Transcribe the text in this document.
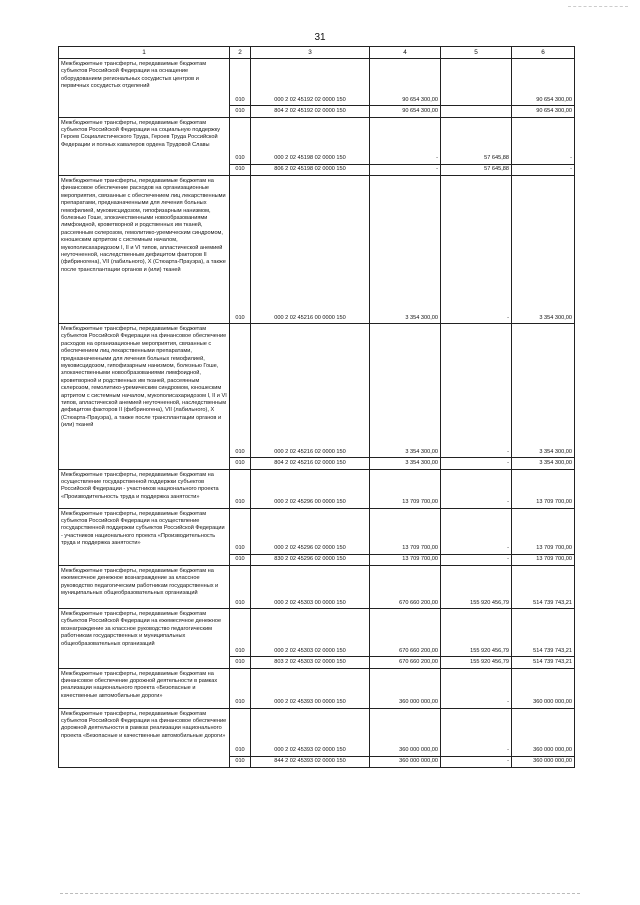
31
1	2	3	4	5	6
Межбюджетные трансферты, передаваемые бюджетам субъектов Российской Федерации на оснащение оборудованием региональных сосудистых центров и первичных сосудистых отделений	010	000 2 02 45192 02 0000 150	90 654 300,00		90 654 300,00
	010	804 2 02 45192 02 0000 150	90 654 300,00		90 654 300,00
Межбюджетные трансферты, передаваемые бюджетам субъектов Российской Федерации на социальную поддержку Героев Социалистического Труда, Героев Труда Российской Федерации и полных кавалеров ордена Трудовой Славы	010	000 2 02 45198 02 0000 150	-	57 645,88	-
	010	806 2 02 45198 02 0000 150	-	57 645,88	-
Межбюджетные трансферты, передаваемые бюджетам на финансовое обеспечение расходов на организационные мероприятия, связанные с обеспечением лиц лекарственными препаратами, предназначенными для лечения больных гемофилией, муковисцидозом, гипофизарным нанизмом, болезнью Гоше, злокачественными новообразованиями лимфоидной, кроветворной и родственных им тканей, рассеянным склерозом, гемолитико-уремическим синдромом, юношеским артритом с системным началом, мукополисахаридозом I, II и VI типов, апластической анемией неуточненной, наследственным дефицитом факторов II (фибриногена), VII (лабильного), X (Стюарта-Прауэра), а также после трансплантации органов и (или) тканей	010	000 2 02 45216 00 0000 150	3 354 300,00	-	3 354 300,00
Межбюджетные трансферты, передаваемые бюджетам субъектов Российской Федерации на финансовое обеспечение расходов на организационные мероприятия, связанные с обеспечением лиц лекарственными препаратами, предназначенными для лечения больных гемофилией, муковисцидозом, гипофизарным нанизмом, болезнью Гоше, злокачественными новообразованиями лимфоидной, кроветворной и родственных им тканей, рассеянным склерозом, гемолитико-уремическим синдромом, юношеским артритом с системным началом, мукополисахаридозом I, II и VI типов, апластической анемией неуточненной, наследственным дефицитом факторов II (фибриногена), VII (лабильного), X (Стюарта-Прауэра), а также после трансплантации органов и (или) тканей	010	000 2 02 45216 02 0000 150	3 354 300,00	-	3 354 300,00
	010	804 2 02 45216 02 0000 150	3 354 300,00	-	3 354 300,00
Межбюджетные трансферты, передаваемые бюджетам на осуществление государственной поддержки субъектов Российской Федерации - участников национального проекта «Производительность труда и поддержка занятости»	010	000 2 02 45296 00 0000 150	13 709 700,00	-	13 709 700,00
Межбюджетные трансферты, передаваемые бюджетам субъектов Российской Федерации на осуществление государственной поддержки субъектов Российской Федерации - участников национального проекта «Производительность труда и поддержка занятости»	010	000 2 02 45296 02 0000 150	13 709 700,00	-	13 709 700,00
	010	830 2 02 45296 02 0000 150	13 709 700,00	-	13 709 700,00
Межбюджетные трансферты, передаваемые бюджетам на ежемесячное денежное вознаграждение за классное руководство педагогическим работникам государственных и муниципальных общеобразовательных организаций	010	000 2 02 45303 00 0000 150	670 660 200,00	155 920 456,79	514 739 743,21
Межбюджетные трансферты, передаваемые бюджетам субъектов Российской Федерации на ежемесячное денежное вознаграждение за классное руководство педагогическим работникам государственных и муниципальных общеобразовательных организаций	010	000 2 02 45303 02 0000 150	670 660 200,00	155 920 456,79	514 739 743,21
	010	803 2 02 45303 02 0000 150	670 660 200,00	155 920 456,79	514 739 743,21
Межбюджетные трансферты, передаваемые бюджетам на финансовое обеспечение дорожной деятельности в рамках реализации национального проекта «Безопасные и качественные автомобильные дороги»	010	000 2 02 45393 00 0000 150	360 000 000,00	-	360 000 000,00
Межбюджетные трансферты, передаваемые бюджетам субъектов Российской Федерации на финансовое обеспечение дорожной деятельности в рамках реализации национального проекта «Безопасные и качественные автомобильные дороги»	010	000 2 02 45393 02 0000 150	360 000 000,00	-	360 000 000,00
	010	844 2 02 45393 02 0000 150	360 000 000,00	-	360 000 000,00
